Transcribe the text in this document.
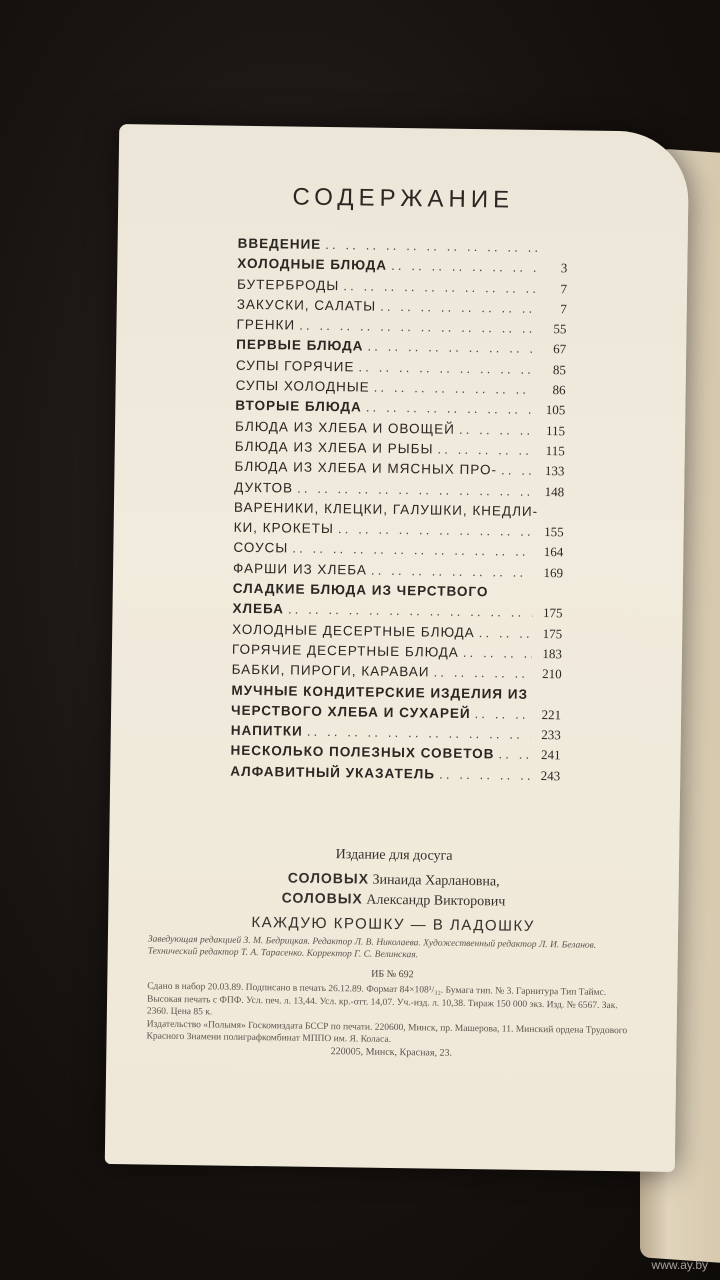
СОДЕРЖАНИЕ
ВВЕДЕНИЕ
.. ..
ХОЛОДНЫЕ БЛЮДА .. ..	3
БУТЕРБРОДЫ .. ..	7
ЗАКУСКИ, САЛАТЫ .. ..	7
ГРЕНКИ .. ..	55
ПЕРВЫЕ БЛЮДА .. ..	67
СУПЫ ГОРЯЧИЕ .. ..	85
СУПЫ ХОЛОДНЫЕ .. ..	86
ВТОРЫЕ БЛЮДА .. ..	105
БЛЮДА ИЗ ХЛЕБА И ОВОЩЕЙ .. ..	115
БЛЮДА ИЗ ХЛЕБА И РЫБЫ .. ..	115
БЛЮДА ИЗ ХЛЕБА И МЯСНЫХ ПРО- .. ..	133
ДУКТОВ .. ..	148
ВАРЕНИКИ, КЛЕЦКИ, ГАЛУШКИ, КНЕДЛИ-
КИ, КРОКЕТЫ .. ..	155
СОУСЫ .. ..	164
ФАРШИ ИЗ ХЛЕБА .. ..	169
СЛАДКИЕ БЛЮДА ИЗ ЧЕРСТВОГО
ХЛЕБА .. ..	175
ХОЛОДНЫЕ ДЕСЕРТНЫЕ БЛЮДА .. ..	175
ГОРЯЧИЕ ДЕСЕРТНЫЕ БЛЮДА .. ..	183
БАБКИ, ПИРОГИ, КАРАВАИ .. ..	210
МУЧНЫЕ КОНДИТЕРСКИЕ ИЗДЕЛИЯ ИЗ
ЧЕРСТВОГО ХЛЕБА И СУХАРЕЙ .. ..	221
НАПИТКИ .. ..	233
НЕСКОЛЬКО ПОЛЕЗНЫХ СОВЕТОВ .. ..	241
АЛФАВИТНЫЙ УКАЗАТЕЛЬ .. ..	243
Издание для досуга
СОЛОВЫХ Зинаида Харлановна,
СОЛОВЫХ Александр Викторович
КАЖДУЮ КРОШКУ — В ЛАДОШКУ
Заведующая редакцией З. М. Бедрицкая. Редактор Л. В. Николаева. Художественный редактор Л. И. Беланов. Технический редактор Т. А. Тарасенко. Корректор Г. С. Велинская.
ИБ № 692
Сдано в набор 20.03.89. Подписано в печать 26.12.89. Формат 84×108¹/₃₂. Бумага тип. № 3. Гарнитура Тип Таймс. Высокая печать с ФПФ. Усл. печ. л. 13,44. Усл. кр.-отт. 14,07. Уч.-изд. л. 10,38. Тираж 150 000 экз. Изд. № 6567. Зак. 2360. Цена 85 к.
Издательство «Полымя» Госкомиздата БССР по печати. 220600, Минск, пр. Машерова, 11. Минский ордена Трудового Красного Знамени полиграфкомбинат МППО им. Я. Коласа.
220005, Минск, Красная, 23.
www.ay.by
